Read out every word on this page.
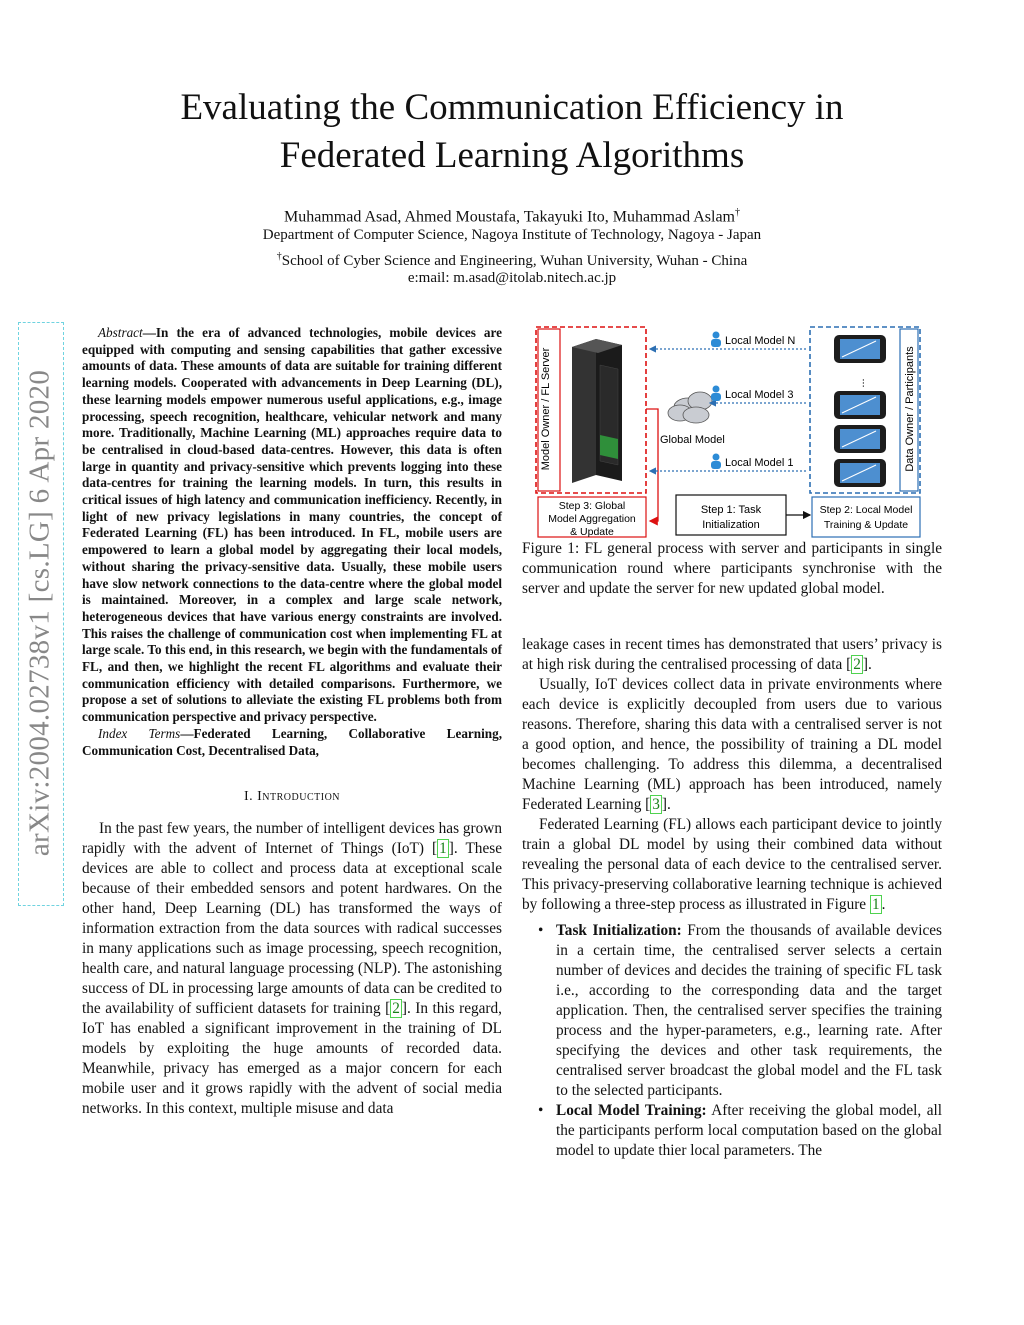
Evaluating the Communication Efficiency in
Federated Learning Algorithms
Muhammad Asad, Ahmed Moustafa, Takayuki Ito, Muhammad Aslam†
Department of Computer Science, Nagoya Institute of Technology, Nagoya - Japan
†School of Cyber Science and Engineering, Wuhan University, Wuhan - China
e:mail: m.asad@itolab.nitech.ac.jp
arXiv:2004.02738v1 [cs.LG] 6 Apr 2020

Abstract—In the era of advanced technologies, mobile devices are equipped with computing and sensing capabilities that gather excessive amounts of data. These amounts of data are suitable for training different learning models. Cooperated with advancements in Deep Learning (DL), these learning models empower numerous useful applications, e.g., image processing, speech recognition, healthcare, vehicular network and many more. Traditionally, Machine Learning (ML) approaches require data to be centralised in cloud-based data-centres. However, this data is often large in quantity and privacy-sensitive which prevents logging into these data-centres for training the learning models. In turn, this results in critical issues of high latency and communication inefficiency. Recently, in light of new privacy legislations in many countries, the concept of Federated Learning (FL) has been introduced. In FL, mobile users are empowered to learn a global model by aggregating their local models, without sharing the privacy-sensitive data. Usually, these mobile users have slow network connections to the data-centre where the global model is maintained. Moreover, in a complex and large scale network, heterogeneous devices that have various energy constraints are involved. This raises the challenge of communication cost when implementing FL at large scale. To this end, in this research, we begin with the fundamentals of FL, and then, we highlight the recent FL algorithms and evaluate their communication efficiency with detailed comparisons. Furthermore, we propose a set of solutions to alleviate the existing FL problems both from communication perspective and privacy perspective.

Index Terms—Federated Learning, Collaborative Learning, Communication Cost, Decentralised Data,

I. Introduction

In the past few years, the number of intelligent devices has grown rapidly with the advent of Internet of Things (IoT) [ 1 ]. These devices are able to collect and process data at exceptional scale because of their embedded sensors and potent hardwares. On the other hand, Deep Learning (DL) has transformed the ways of information extraction from the data sources with radical successes in many applications such as image processing, speech recognition, health care, and natural language processing (NLP). The astonishing success of DL in processing large amounts of data can be credited to the availability of sufficient datasets for training [ 2 ]. In this regard, IoT has enabled a significant improvement in the training of DL models by exploiting the huge amounts of recorded data. Meanwhile, privacy has emerged as a major concern for each mobile user and it grows rapidly with the advent of social media networks. In this context, multiple misuse and data

Model Owner / FL Server
Step 3: Global
Model Aggregation
& Update
Global Model
Local Model N
Local Model 3
Local Model 1	Data Owner / Participants
...
Step 1: Task
Initialization
Step 2: Local Model
Training & Update
Figure 1: FL general process with server and participants in single communication round where participants synchronise with the server and update the server for new updated global model.

leakage cases in recent times has demonstrated that users’ privacy is at high risk during the centralised processing of data [ 2 ].

Usually, IoT devices collect data in private environments where each device is explicitly decoupled from users due to various reasons. Therefore, sharing this data with a centralised server is not a good option, and hence, the possibility of training a DL model becomes challenging. To address this dilemma, a decentralised Machine Learning (ML) approach has been introduced, namely Federated Learning [ 3 ].

Federated Learning (FL) allows each participant device to jointly train a global DL model by using their combined data without revealing the personal data of each device to the centralised server. This privacy-preserving collaborative learning technique is achieved by following a three-step process as illustrated in Figure 1 .

• Task Initialization: From the thousands of available devices in a certain time, the centralised server selects a certain number of devices and decides the training of specific FL task i.e., according to the corresponding data and the target application. Then, the centralised server specifies the training process and the hyper-parameters, e.g., learning rate. After specifying the devices and other task requirements, the centralised server broadcast the global model and the FL task to the selected participants.
• Local Model Training: After receiving the global model, all the participants perform local computation based on the global model to update thier local parameters. The
